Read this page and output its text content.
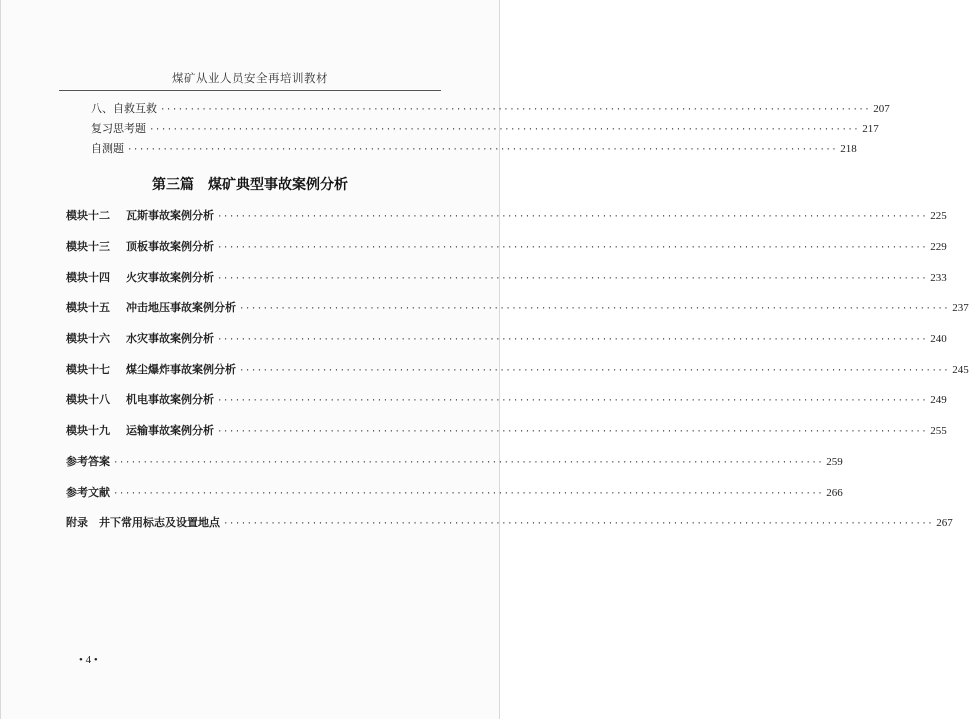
煤矿从业人员安全再培训教材
八、自救互救 ························································································································ 207
复习思考题 ························································································································ 217
自测题 ························································································································ 218
第三篇　煤矿典型事故案例分析
模块十二 瓦斯事故案例分析 ························································································································ 225
模块十三 顶板事故案例分析 ························································································································ 229
模块十四 火灾事故案例分析 ························································································································ 233
模块十五 冲击地压事故案例分析 ························································································································ 237
模块十六 水灾事故案例分析 ························································································································ 240
模块十七 煤尘爆炸事故案例分析 ························································································································ 245
模块十八 机电事故案例分析 ························································································································ 249
模块十九 运输事故案例分析 ························································································································ 255
参考答案 ························································································································ 259
参考文献 ························································································································ 266
附录　井下常用标志及设置地点 ························································································································ 267
• 4 •
